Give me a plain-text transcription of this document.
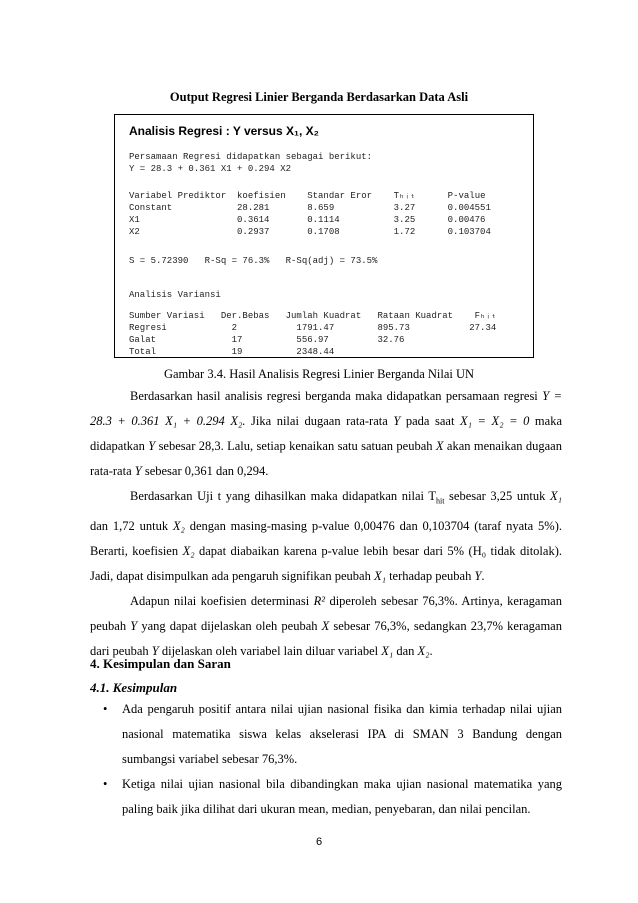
Output Regresi Linier Berganda Berdasarkan Data Asli
Analisis Regresi : Y versus X₁, X₂
Persamaan Regresi didapatkan sebagai berikut:
Y = 28.3 + 0.361 X1 + 0.294 X2
Variabel Prediktor  koefisien    Standar Eror    Tₕᵢₜ      P-value
Constant            28.281       8.659           3.27      0.004551
X1                  0.3614       0.1114          3.25      0.00476
X2                  0.2937       0.1708          1.72      0.103704
S = 5.72390   R-Sq = 76.3%   R-Sq(adj) = 73.5%
Analisis Variansi
Sumber Variasi   Der.Bebas   Jumlah Kuadrat   Rataan Kuadrat    Fₕᵢₜ
Regresi            2           1791.47        895.73           27.34
Galat              17          556.97         32.76
Total              19          2348.44
Gambar 3.4. Hasil Analisis Regresi Linier Berganda Nilai UN

Berdasarkan hasil analisis regresi berganda maka didapatkan persamaan regresi Y = 28.3 + 0.361 X₁ + 0.294 X₂. Jika nilai dugaan rata-rata Y pada saat X₁ = X₂ = 0 maka didapatkan Y sebesar 28,3. Lalu, setiap kenaikan satu satuan peubah X akan menaikan dugaan rata-rata Y sebesar 0,361 dan 0,294.

Berdasarkan Uji t yang dihasilkan maka didapatkan nilai $T_{hit}$ sebesar 3,25 untuk X₁ dan 1,72 untuk X₂ dengan masing-masing p-value 0,00476 dan 0,103704 (taraf nyata 5%). Berarti, koefisien X₂ dapat diabaikan karena p-value lebih besar dari 5% (H₀ tidak ditolak). Jadi, dapat disimpulkan ada pengaruh signifikan peubah X₁ terhadap peubah Y.

Adapun nilai koefisien determinasi R² diperoleh sebesar 76,3%. Artinya, keragaman peubah Y yang dapat dijelaskan oleh peubah X sebesar 76,3%, sedangkan 23,7% keragaman dari peubah Y dijelaskan oleh variabel lain diluar variabel X₁ dan X₂.

4. Kesimpulan dan Saran
4.1. Kesimpulan
• Ada pengaruh positif antara nilai ujian nasional fisika dan kimia terhadap nilai ujian nasional matematika siswa kelas akselerasi IPA di SMAN 3 Bandung dengan sumbangsi variabel sebesar 76,3%.
• Ketiga nilai ujian nasional bila dibandingkan maka ujian nasional matematika yang paling baik jika dilihat dari ukuran mean, median, penyebaran, dan nilai pencilan.
6
